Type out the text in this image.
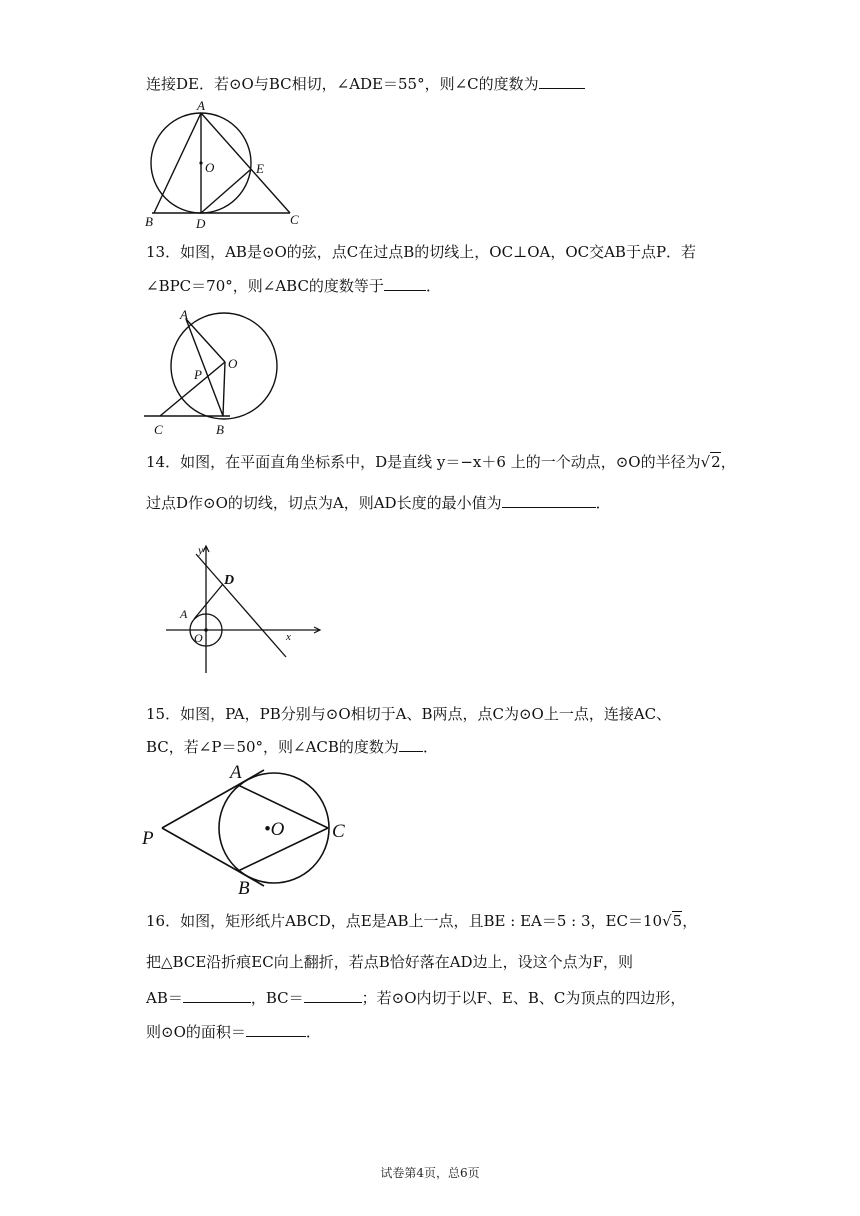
连接DE．若⊙O与BC相切，∠ADE＝55°，则∠C的度数为
A
O	E
B	D	C
13．如图，AB是⊙O的弦，点C在过点B的切线上，OC⊥OA，OC交AB于点P．若
∠BPC＝70°，则∠ABC的度数等于	．
A
O
P
C	B
14．如图，在平面直角坐标系中，D是直线 y＝−x＋6 上的一个动点，⊙O的半径为√2，
过点D作⊙O的切线，切点为A，则AD长度的最小值为	．
y
D
A
O	x
15．如图，PA，PB分别与⊙O相切于A、B两点，点C为⊙O上一点，连接AC、
BC，若∠P＝50°，则∠ACB的度数为 ．
A
•O
P	C
B
16．如图，矩形纸片ABCD，点E是AB上一点，且BE : EA＝5 : 3，EC＝10√5，
把△BCE沿折痕EC向上翻折，若点B恰好落在AD边上，设这个点为F，则
AB＝	，BC＝	；若⊙O内切于以F、E、B、C为顶点的四边形，
则⊙O的面积＝	．
试卷第4页，总6页
